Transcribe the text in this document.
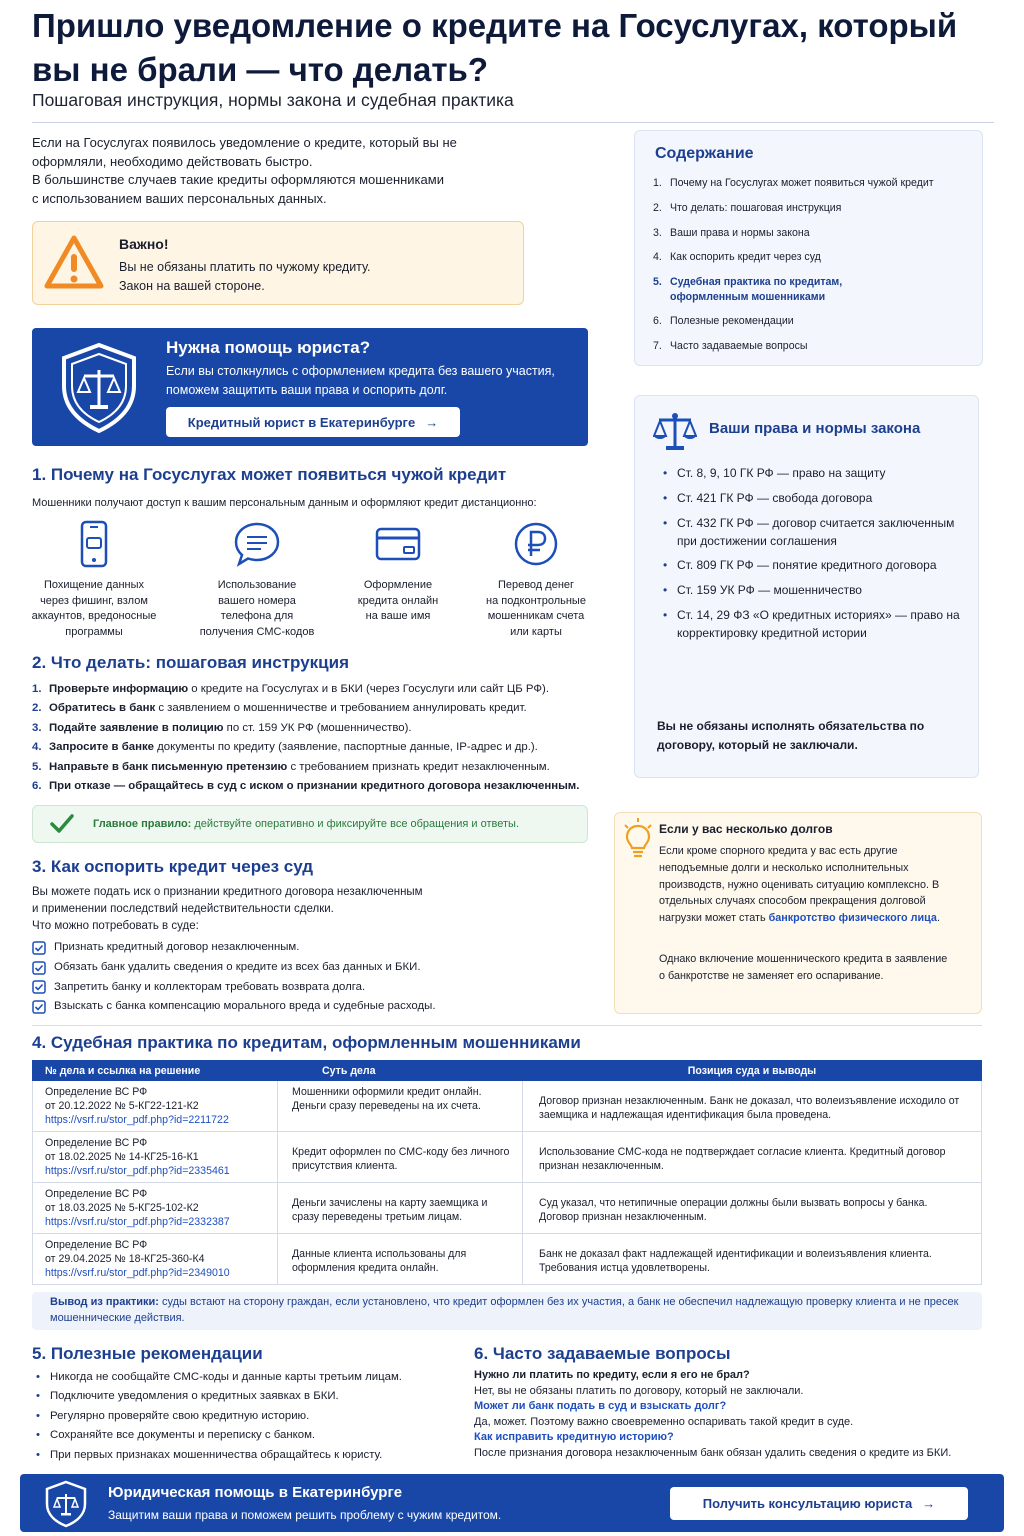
Пришло уведомление о кредите на Госуслугах, который вы не брали — что делать?
Пошаговая инструкция, нормы закона и судебная практика
Если на Госуслугах появилось уведомление о кредите, который вы не
оформляли, необходимо действовать быстро.
В большинстве случаев такие кредиты оформляются мошенниками
с использованием ваших персональных данных.
Важно!
Вы не обязаны платить по чужому кредиту.
Закон на вашей стороне.
Нужна помощь юриста?
Если вы столкнулись с оформлением кредита без вашего участия,
поможем защитить ваши права и оспорить долг.
Кредитный юрист в Екатеринбурге →
1. Почему на Госуслугах может появиться чужой кредит
Мошенники получают доступ к вашим персональным данным и оформляют кредит дистанционно:
Похищение данных
через фишинг, взлом
аккаунтов, вредоносные
программы
Использование
вашего номера
телефона для
получения СМС-кодов
Оформление
кредита онлайн
на ваше имя
Перевод денег
на подконтрольные
мошенникам счета
или карты
2. Что делать: пошаговая инструкция
1. Проверьте информацию о кредите на Госуслугах и в БКИ (через Госуслуги или сайт ЦБ РФ).
2. Обратитесь в банк с заявлением о мошенничестве и требованием аннулировать кредит.
3. Подайте заявление в полицию по ст. 159 УК РФ (мошенничество).
4. Запросите в банке документы по кредиту (заявление, паспортные данные, IP-адрес и др.).
5. Направьте в банк письменную претензию с требованием признать кредит незаключенным.
6. При отказе — обращайтесь в суд с иском о признании кредитного договора незаключенным.
Главное правило: действуйте оперативно и фиксируйте все обращения и ответы.
3. Как оспорить кредит через суд
Вы можете подать иск о признании кредитного договора незаключенным
и применении последствий недействительности сделки.
Что можно потребовать в суде:
Признать кредитный договор незаключенным.
Обязать банк удалить сведения о кредите из всех баз данных и БКИ.
Запретить банку и коллекторам требовать возврата долга.
Взыскать с банка компенсацию морального вреда и судебные расходы.
Содержание
1. Почему на Госуслугах может появиться чужой кредит
2. Что делать: пошаговая инструкция
3. Ваши права и нормы закона
4. Как оспорить кредит через суд
5. Судебная практика по кредитам,
оформленным мошенниками
6. Полезные рекомендации
7. Часто задаваемые вопросы
Ваши права и нормы закона
• Ст. 8, 9, 10 ГК РФ — право на защиту
• Ст. 421 ГК РФ — свобода договора
• Ст. 432 ГК РФ — договор считается заключенным при достижении соглашения
• Ст. 809 ГК РФ — понятие кредитного договора
• Ст. 159 УК РФ — мошенничество
• Ст. 14, 29 ФЗ «О кредитных историях» — право на корректировку кредитной истории
Вы не обязаны исполнять обязательства по договору, который не заключали.
Если у вас несколько долгов
Если кроме спорного кредита у вас есть другие неподъемные долги и несколько исполнительных производств, нужно оценивать ситуацию комплексно. В отдельных случаях способом прекращения долговой нагрузки может стать банкротство физического лица.
Однако включение мошеннического кредита в заявление о банкротстве не заменяет его оспаривание.
4. Судебная практика по кредитам, оформленным мошенниками
№ дела и ссылка на решение	Суть дела	Позиция суда и выводы

Определение ВС РФ
от 20.12.2022 № 5-КГ22-121-К2
https://vsrf.ru/stor_pdf.php?id=2211722	Мошенники оформили кредит онлайн. Деньги сразу переведены на их счета.	Договор признан незаключенным. Банк не доказал, что волеизъявление исходило от заемщика и надлежащая идентификация была проведена.

Определение ВС РФ
от 18.02.2025 № 14-КГ25-16-К1
https://vsrf.ru/stor_pdf.php?id=2335461	Кредит оформлен по СМС-коду без личного присутствия клиента.	Использование СМС-кода не подтверждает согласие клиента. Кредитный договор признан незаключенным.

Определение ВС РФ
от 18.03.2025 № 5-КГ25-102-К2
https://vsrf.ru/stor_pdf.php?id=2332387	Деньги зачислены на карту заемщика и сразу переведены третьим лицам.	Суд указал, что нетипичные операции должны были вызвать вопросы у банка. Договор признан незаключенным.

Определение ВС РФ
от 29.04.2025 № 18-КГ25-360-К4
https://vsrf.ru/stor_pdf.php?id=2349010	Данные клиента использованы для оформления кредита онлайн.	Банк не доказал факт надлежащей идентификации и волеизъявления клиента. Требования истца удовлетворены.
Вывод из практики: суды встают на сторону граждан, если установлено, что кредит оформлен без их участия, а банк не обеспечил надлежащую проверку клиента и не пресек мошеннические действия.
5. Полезные рекомендации
• Никогда не сообщайте СМС-коды и данные карты третьим лицам.
• Подключите уведомления о кредитных заявках в БКИ.
• Регулярно проверяйте свою кредитную историю.
• Сохраняйте все документы и переписку с банком.
• При первых признаках мошенничества обращайтесь к юристу.
6. Часто задаваемые вопросы
Нужно ли платить по кредиту, если я его не брал?
Нет, вы не обязаны платить по договору, который не заключали.
Может ли банк подать в суд и взыскать долг?
Да, может. Поэтому важно своевременно оспаривать такой кредит в суде.
Как исправить кредитную историю?
После признания договора незаключенным банк обязан удалить сведения о кредите из БКИ.
Юридическая помощь в Екатеринбурге
Защитим ваши права и поможем решить проблему с чужим кредитом.
Получить консультацию юриста →
